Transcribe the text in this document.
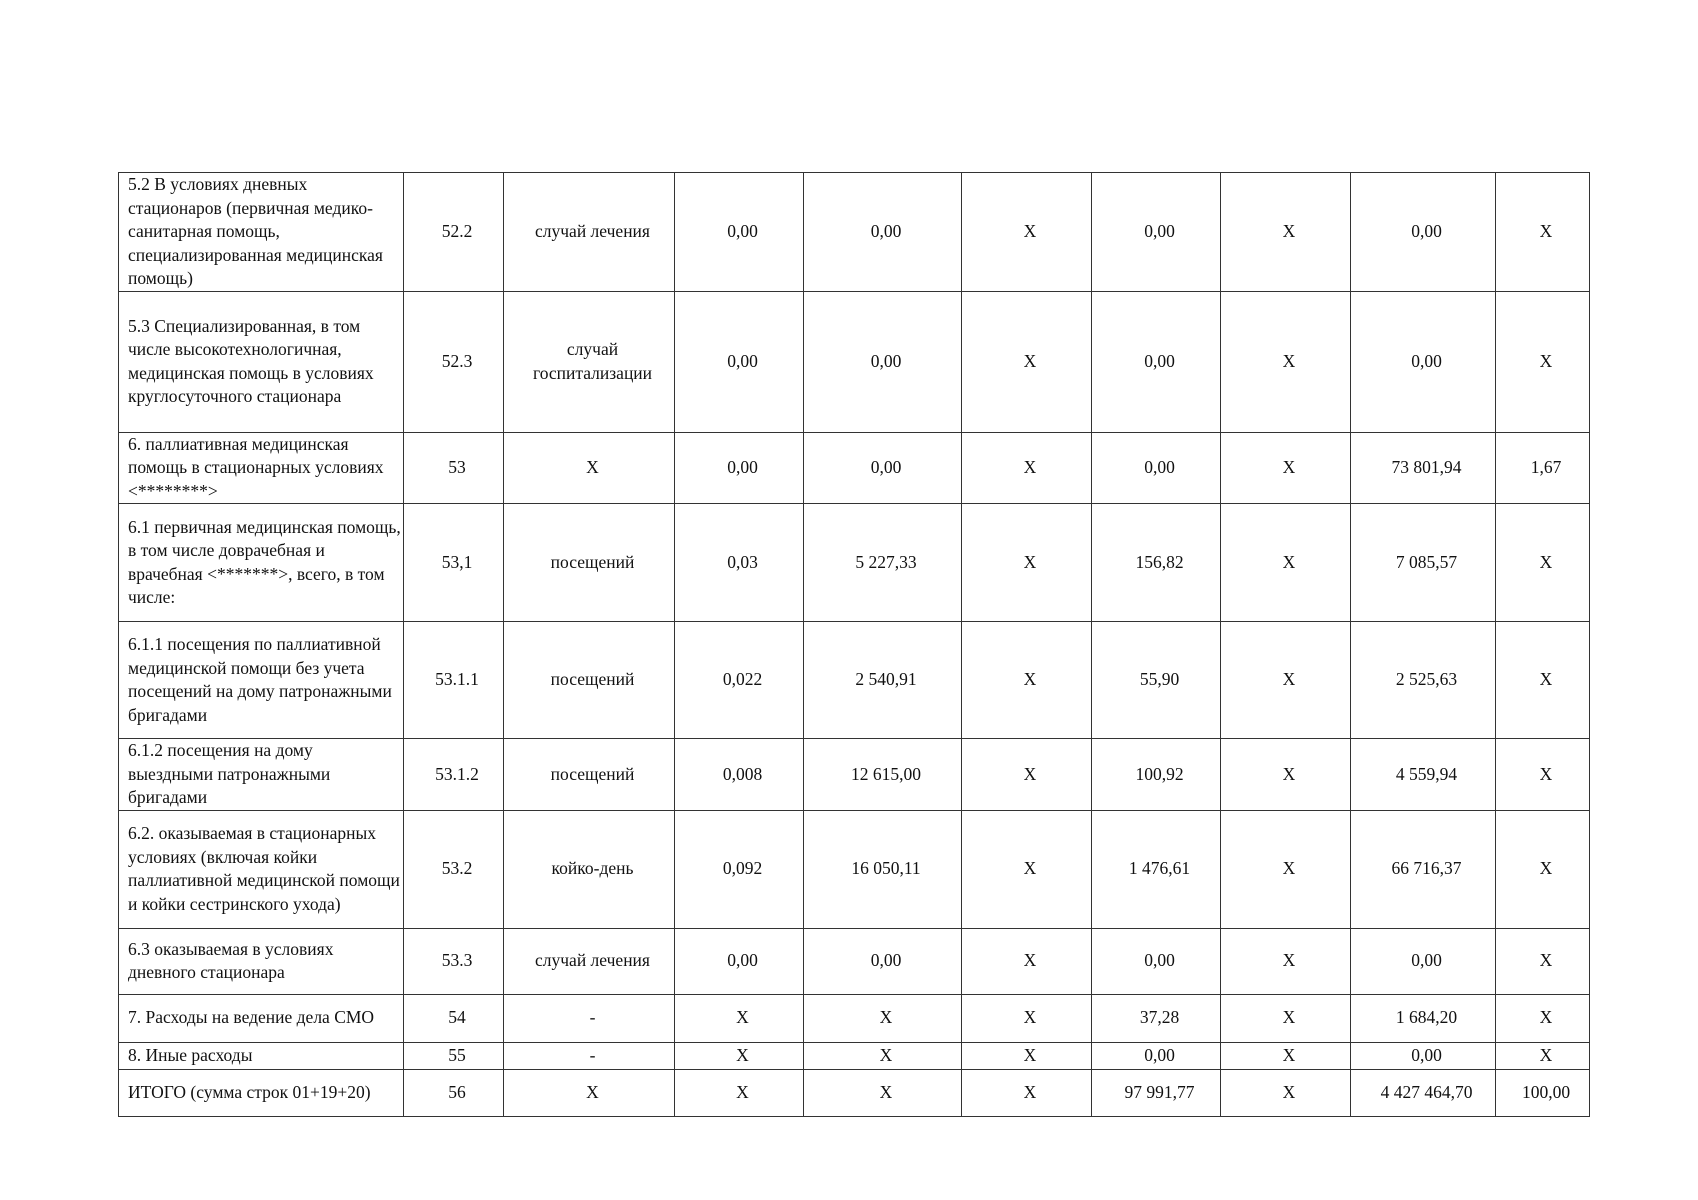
5.2 В условиях дневных стационаров (первичная медико-санитарная помощь, специализированная медицинская помощь)	52.2	случай лечения	0,00	0,00	X	0,00	X	0,00	X
5.3 Специализированная, в том числе высокотехнологичная, медицинская помощь в условиях круглосуточного стационара	52.3	случай госпитализации	0,00	0,00	X	0,00	X	0,00	X
6. паллиативная медицинская помощь в стационарных условиях <********>	53	X	0,00	0,00	X	0,00	X	73 801,94	1,67
6.1 первичная медицинская помощь, в том числе доврачебная и врачебная <*******>, всего, в том числе:	53,1	посещений	0,03	5 227,33	X	156,82	X	7 085,57	X
6.1.1 посещения по паллиативной медицинской помощи без учета посещений на дому патронажными бригадами	53.1.1	посещений	0,022	2 540,91	X	55,90	X	2 525,63	X
6.1.2 посещения на дому выездными патронажными бригадами	53.1.2	посещений	0,008	12 615,00	X	100,92	X	4 559,94	X
6.2. оказываемая в стационарных условиях (включая койки паллиативной медицинской помощи и койки сестринского ухода)	53.2	койко-день	0,092	16 050,11	X	1 476,61	X	66 716,37	X
6.3 оказываемая в условиях дневного стационара	53.3	случай лечения	0,00	0,00	X	0,00	X	0,00	X
7. Расходы на ведение дела СМО	54	-	X	X	X	37,28	X	1 684,20	X
8. Иные расходы	55	-	X	X	X	0,00	X	0,00	X
ИТОГО (сумма строк 01+19+20)	56	X	X	X	X	97 991,77	X	4 427 464,70	100,00
